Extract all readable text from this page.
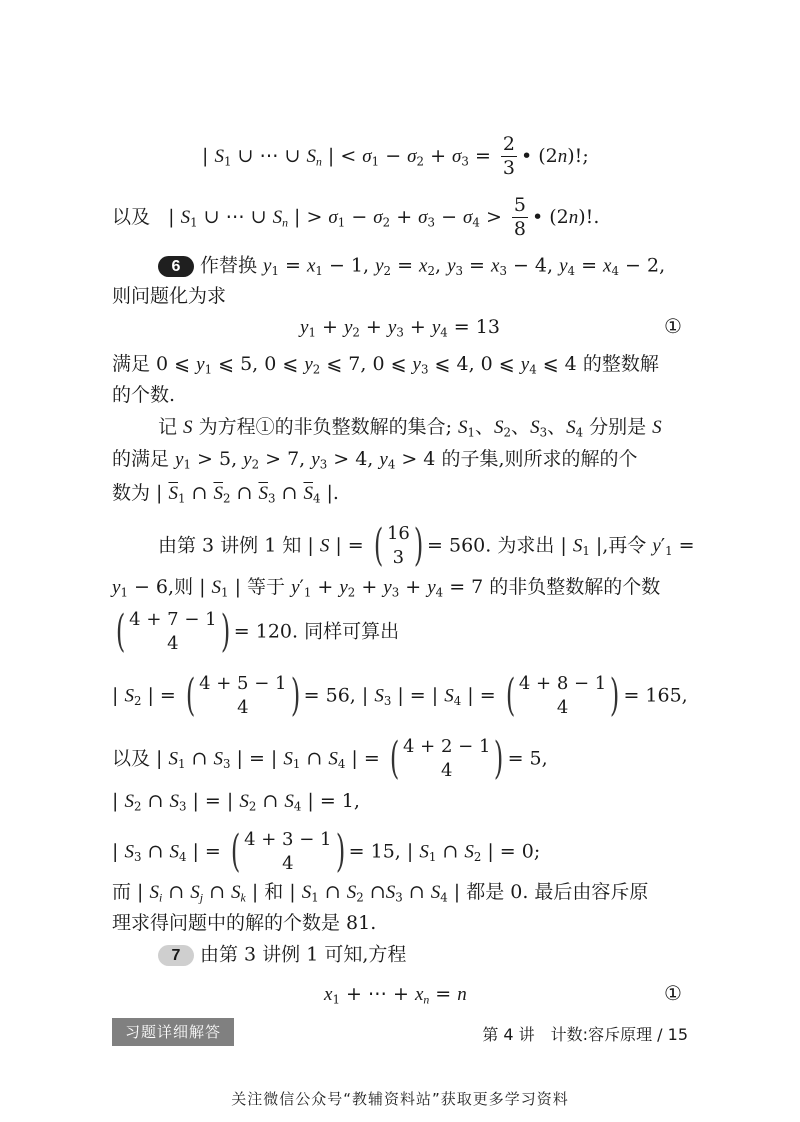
| $S_1$ ∪ ⋯ ∪ $S_n$ | < $\sigma_1 - \sigma_2 + \sigma_3 = \frac{2}{3}$ • (2n)!;
以及   | $S_1$ ∪ ⋯ ∪ $S_n$ | > $\sigma_1 - \sigma_2 + \sigma_3 - \sigma_4 > \frac{5}{8}$ • (2n)!.
6 作替换 $y_1 = x_1 - 1$, $y_2 = x_2$, $y_3 = x_3 - 4$, $y_4 = x_4 - 2$,
则问题化为求
$y_1 + y_2 + y_3 + y_4 = 13$	①
满足 0 ⩽ $y_1$ ⩽ 5, 0 ⩽ $y_2$ ⩽ 7, 0 ⩽ $y_3$ ⩽ 4, 0 ⩽ $y_4$ ⩽ 4 的整数解
的个数.
记 S 为方程①的非负整数解的集合; $S_1$、$S_2$、$S_3$、$S_4$ 分别是 S
的满足 $y_1 > 5$, $y_2 > 7$, $y_3 > 4$, $y_4 > 4$ 的子集,则所求的解的个
数为 | $\overline{S}_1$ ∩ $\overline{S}_2$ ∩ $\overline{S}_3$ ∩ $\overline{S}_4$ |.
由第 3 讲例 1 知 | S | = ( 16
3 ) = 560. 为求出 | $S_1$ |,再令 $y'_1$ =
$y_1 - 6$,则 | $S_1$ | 等于 $y'_1 + y_2 + y_3 + y_4 = 7$ 的非负整数解的个数
( 4 + 7 − 1
4 ) = 120. 同样可算出
| $S_2$ | = ( 4 + 5 − 1
4 ) = 56, | $S_3$ | = | $S_4$ | = ( 4 + 8 − 1
4 ) = 165,
以及 | $S_1$ ∩ $S_3$ | = | $S_1$ ∩ $S_4$ | = ( 4 + 2 − 1
4 ) = 5,
| $S_2$ ∩ $S_3$ | = | $S_2$ ∩ $S_4$ | = 1,
| $S_3$ ∩ $S_4$ | = ( 4 + 3 − 1
4 ) = 15, | $S_1$ ∩ $S_2$ | = 0;
而 | $S_i$ ∩ $S_j$ ∩ $S_k$ | 和 | $S_1$ ∩ $S_2$ $\cap S_3$ ∩ $S_4$ | 都是 0. 最后由容斥原
理求得问题中的解的个数是 81.
7 由第 3 讲例 1 可知,方程
$x_1$ + ⋯ + $x_n = n$	①
习题详细解答	第 4 讲　计数:容斥原理 / 15
关注微信公众号“教辅资料站”获取更多学习资料
